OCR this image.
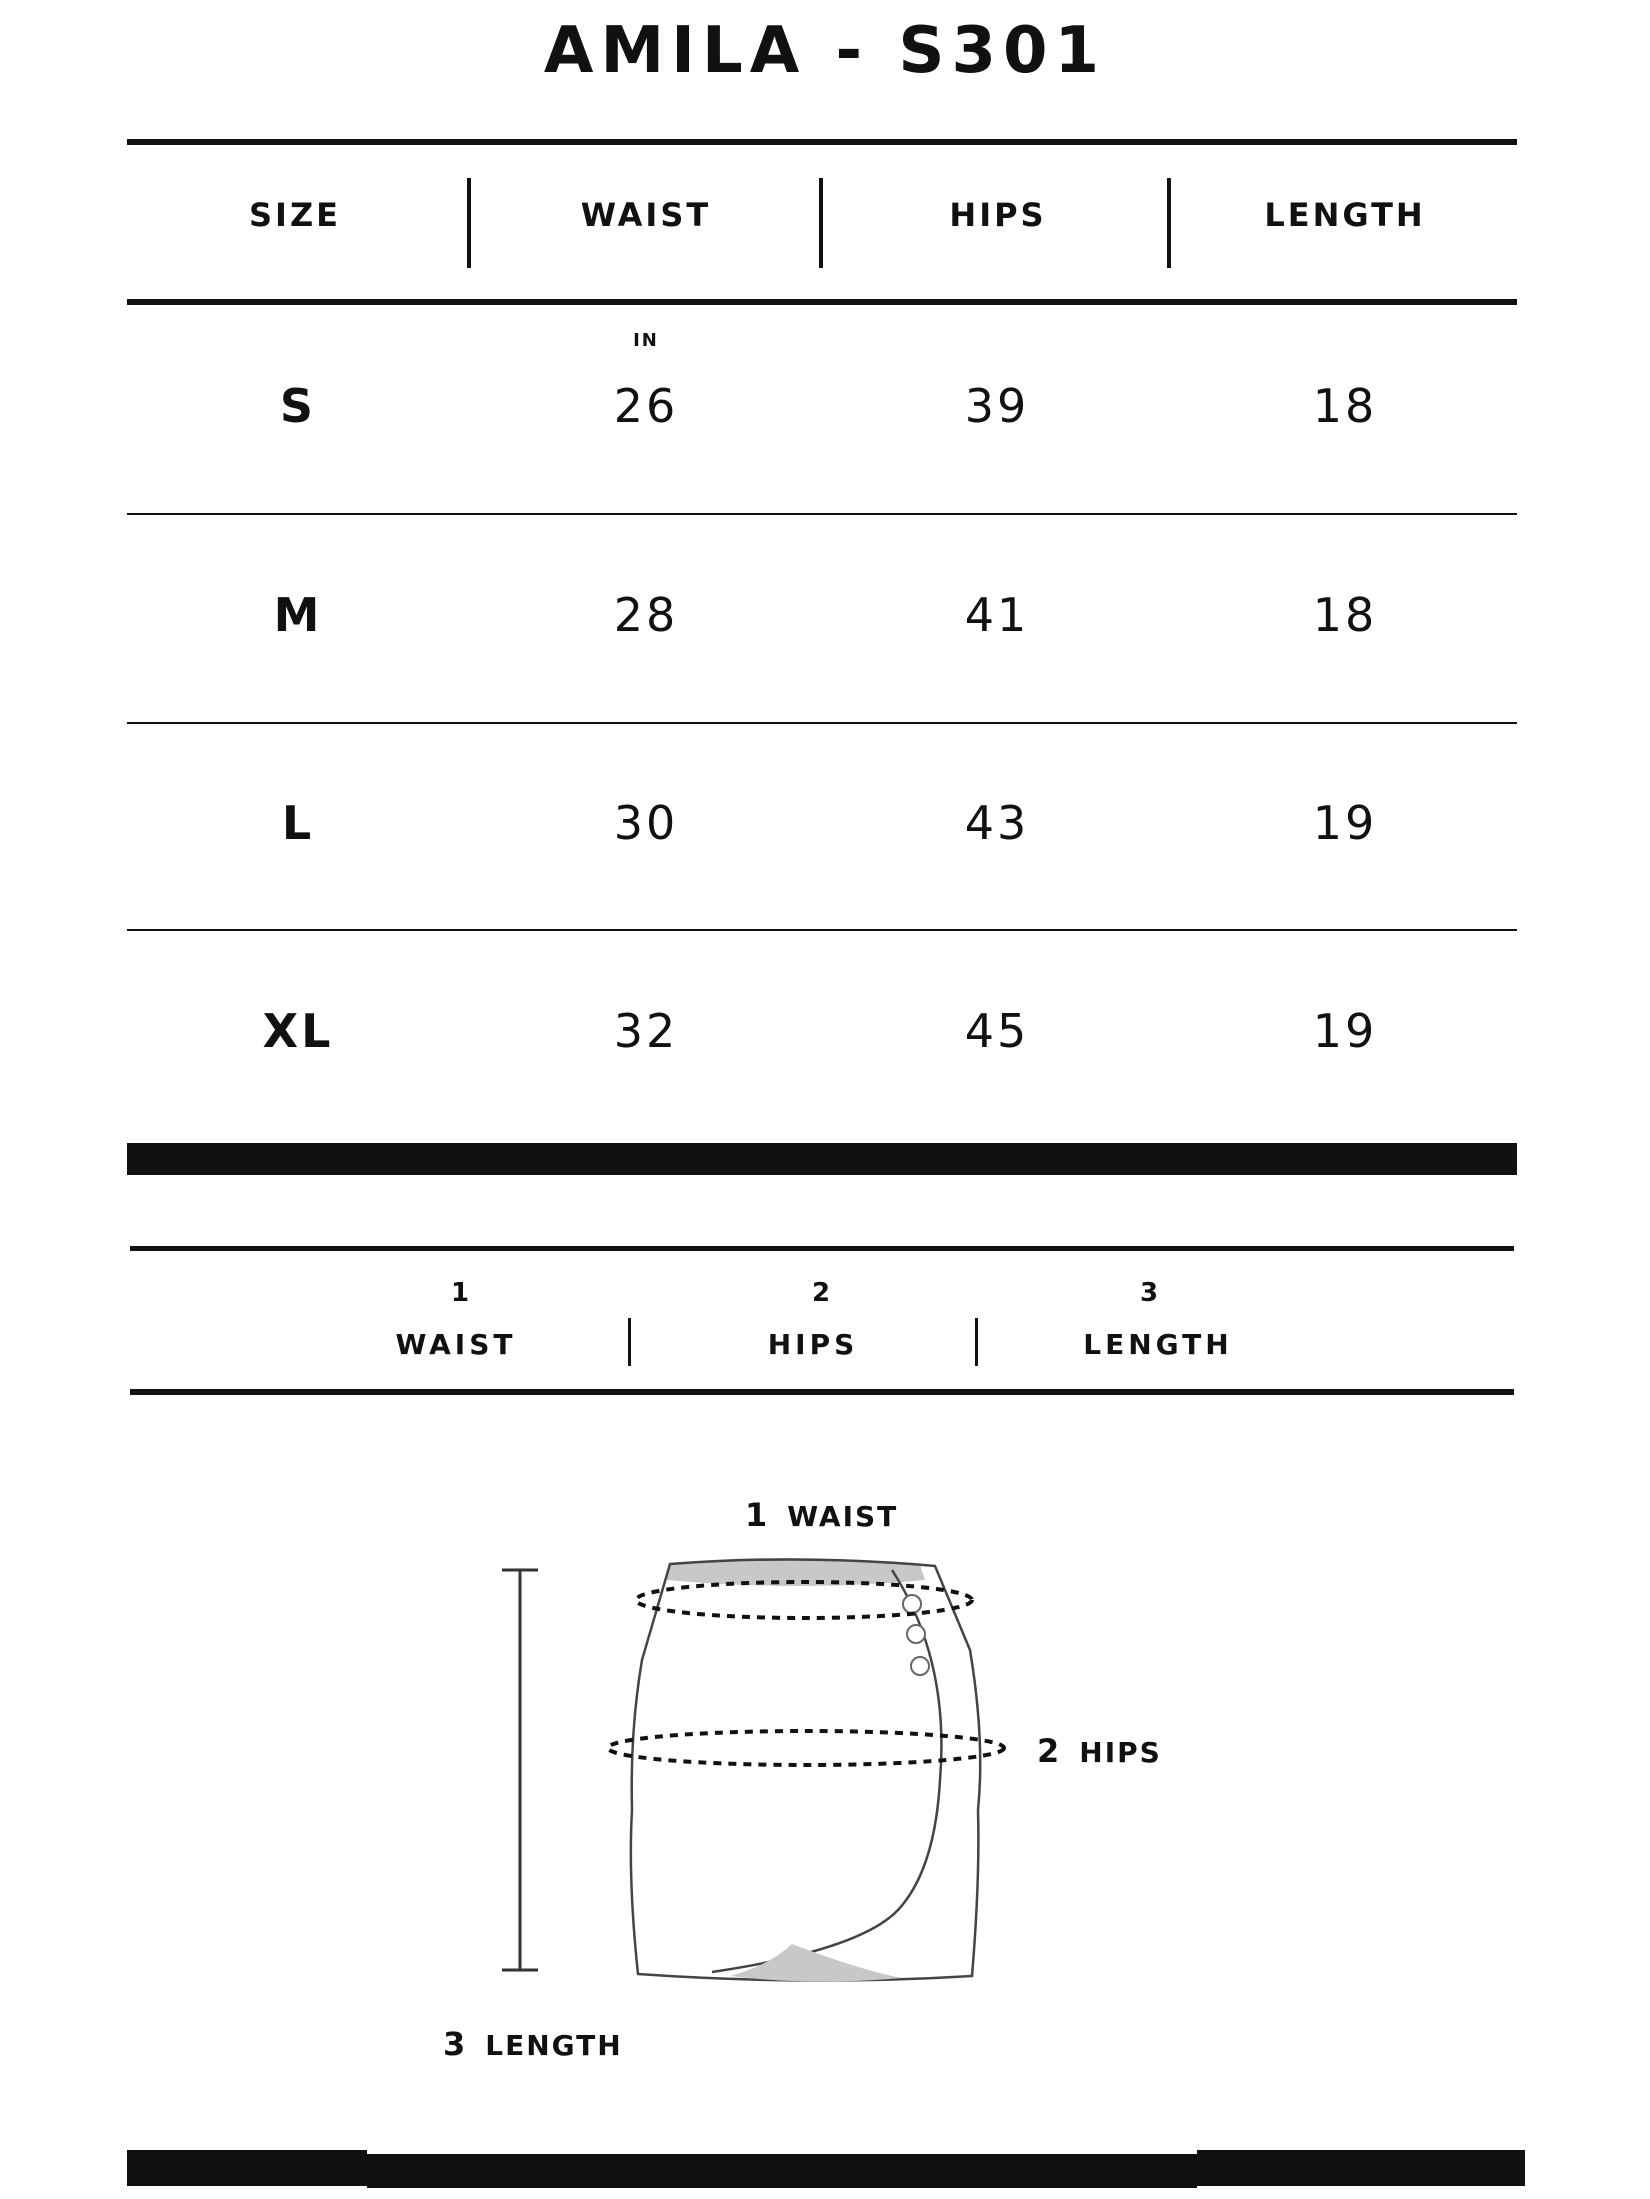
AMILA - S301
SIZE	WAIST	HIPS	LENGTH
IN
S	26	39	18
M	28	41	18
L	30	43	19
XL	32	45	19
1
WAIST
2
HIPS
3
LENGTH
1 WAIST
2 HIPS
3 LENGTH
